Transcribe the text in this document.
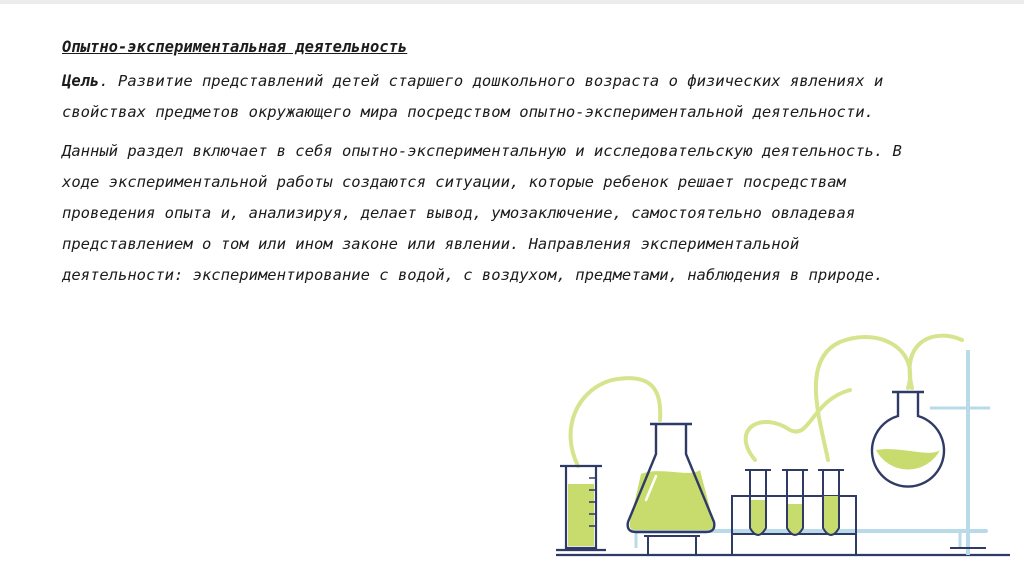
Опытно-экспериментальная деятельность

Цель. Развитие представлений детей старшего дошкольного возраста о физических явлениях и свойствах предметов окружающего мира посредством опытно-экспериментальной деятельности.

Данный раздел включает в себя опытно-экспериментальную и исследовательскую деятельность. В ходе экспериментальной работы создаются ситуации, которые ребенок решает посредствам проведения опыта и, анализируя, делает вывод, умозаключение, самостоятельно овладевая представлением о том или ином законе или явлении. Направления экспериментальной деятельности: экспериментирование с водой, с воздухом, предметами, наблюдения в природе.
